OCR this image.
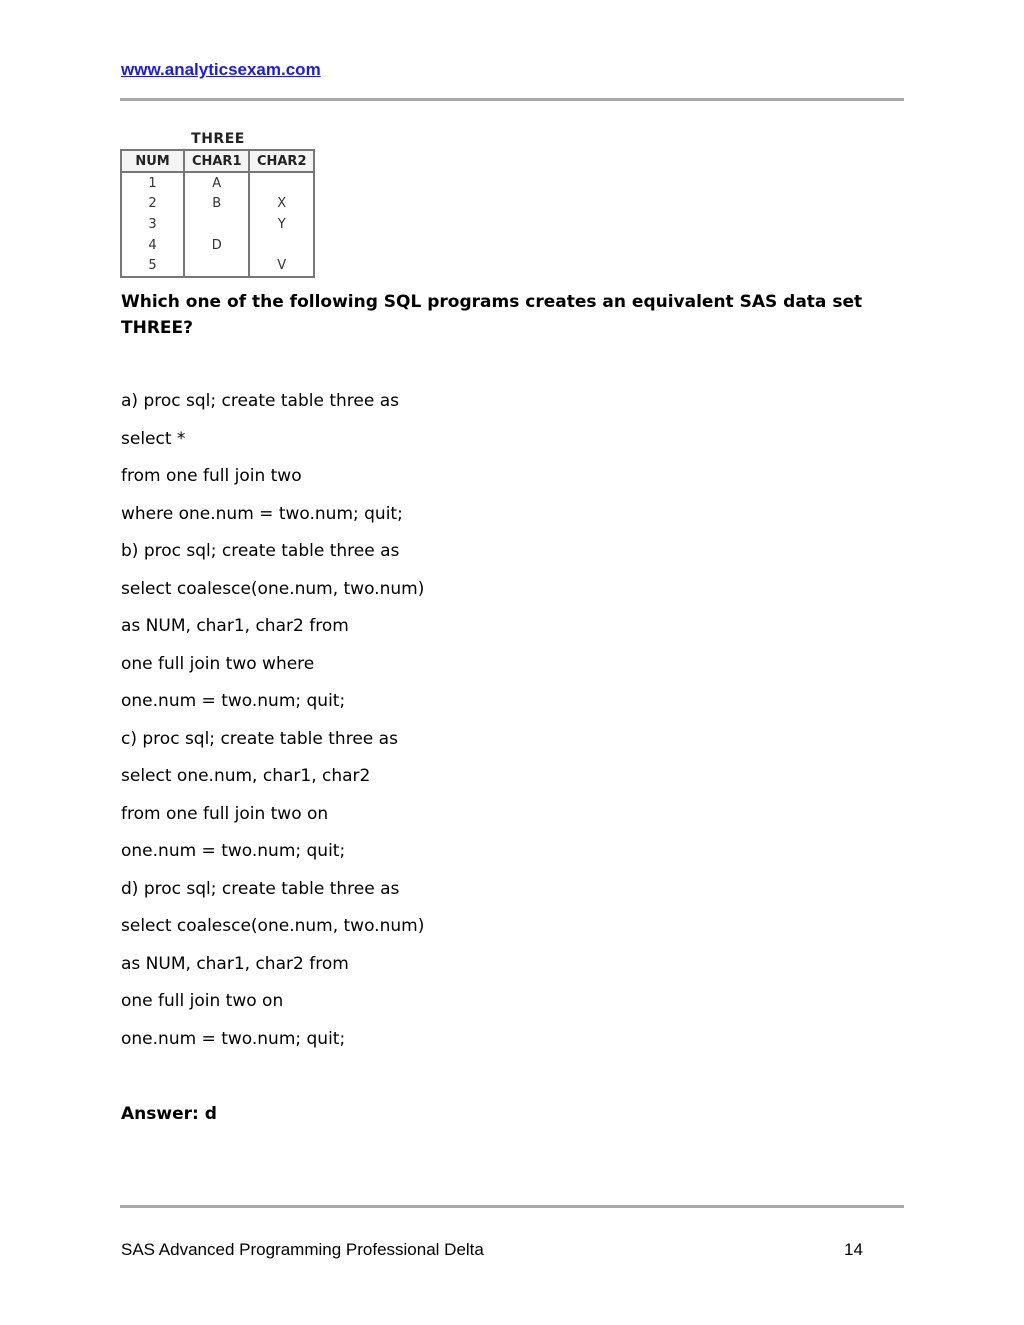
www.analyticsexam.com
THREE
NUM	CHAR1	CHAR2
1	A	
2	B	X
3		Y
4	D	
5		V
Which one of the following SQL programs creates an equivalent SAS data set THREE?
a) proc sql; create table three as
select *
from one full join two
where one.num = two.num; quit;
b) proc sql; create table three as
select coalesce(one.num, two.num)
as NUM, char1, char2 from
one full join two where
one.num = two.num; quit;
c) proc sql; create table three as
select one.num, char1, char2
from one full join two on
one.num = two.num; quit;
d) proc sql; create table three as
select coalesce(one.num, two.num)
as NUM, char1, char2 from
one full join two on
one.num = two.num; quit;
Answer: d
SAS Advanced Programming Professional Delta	14
